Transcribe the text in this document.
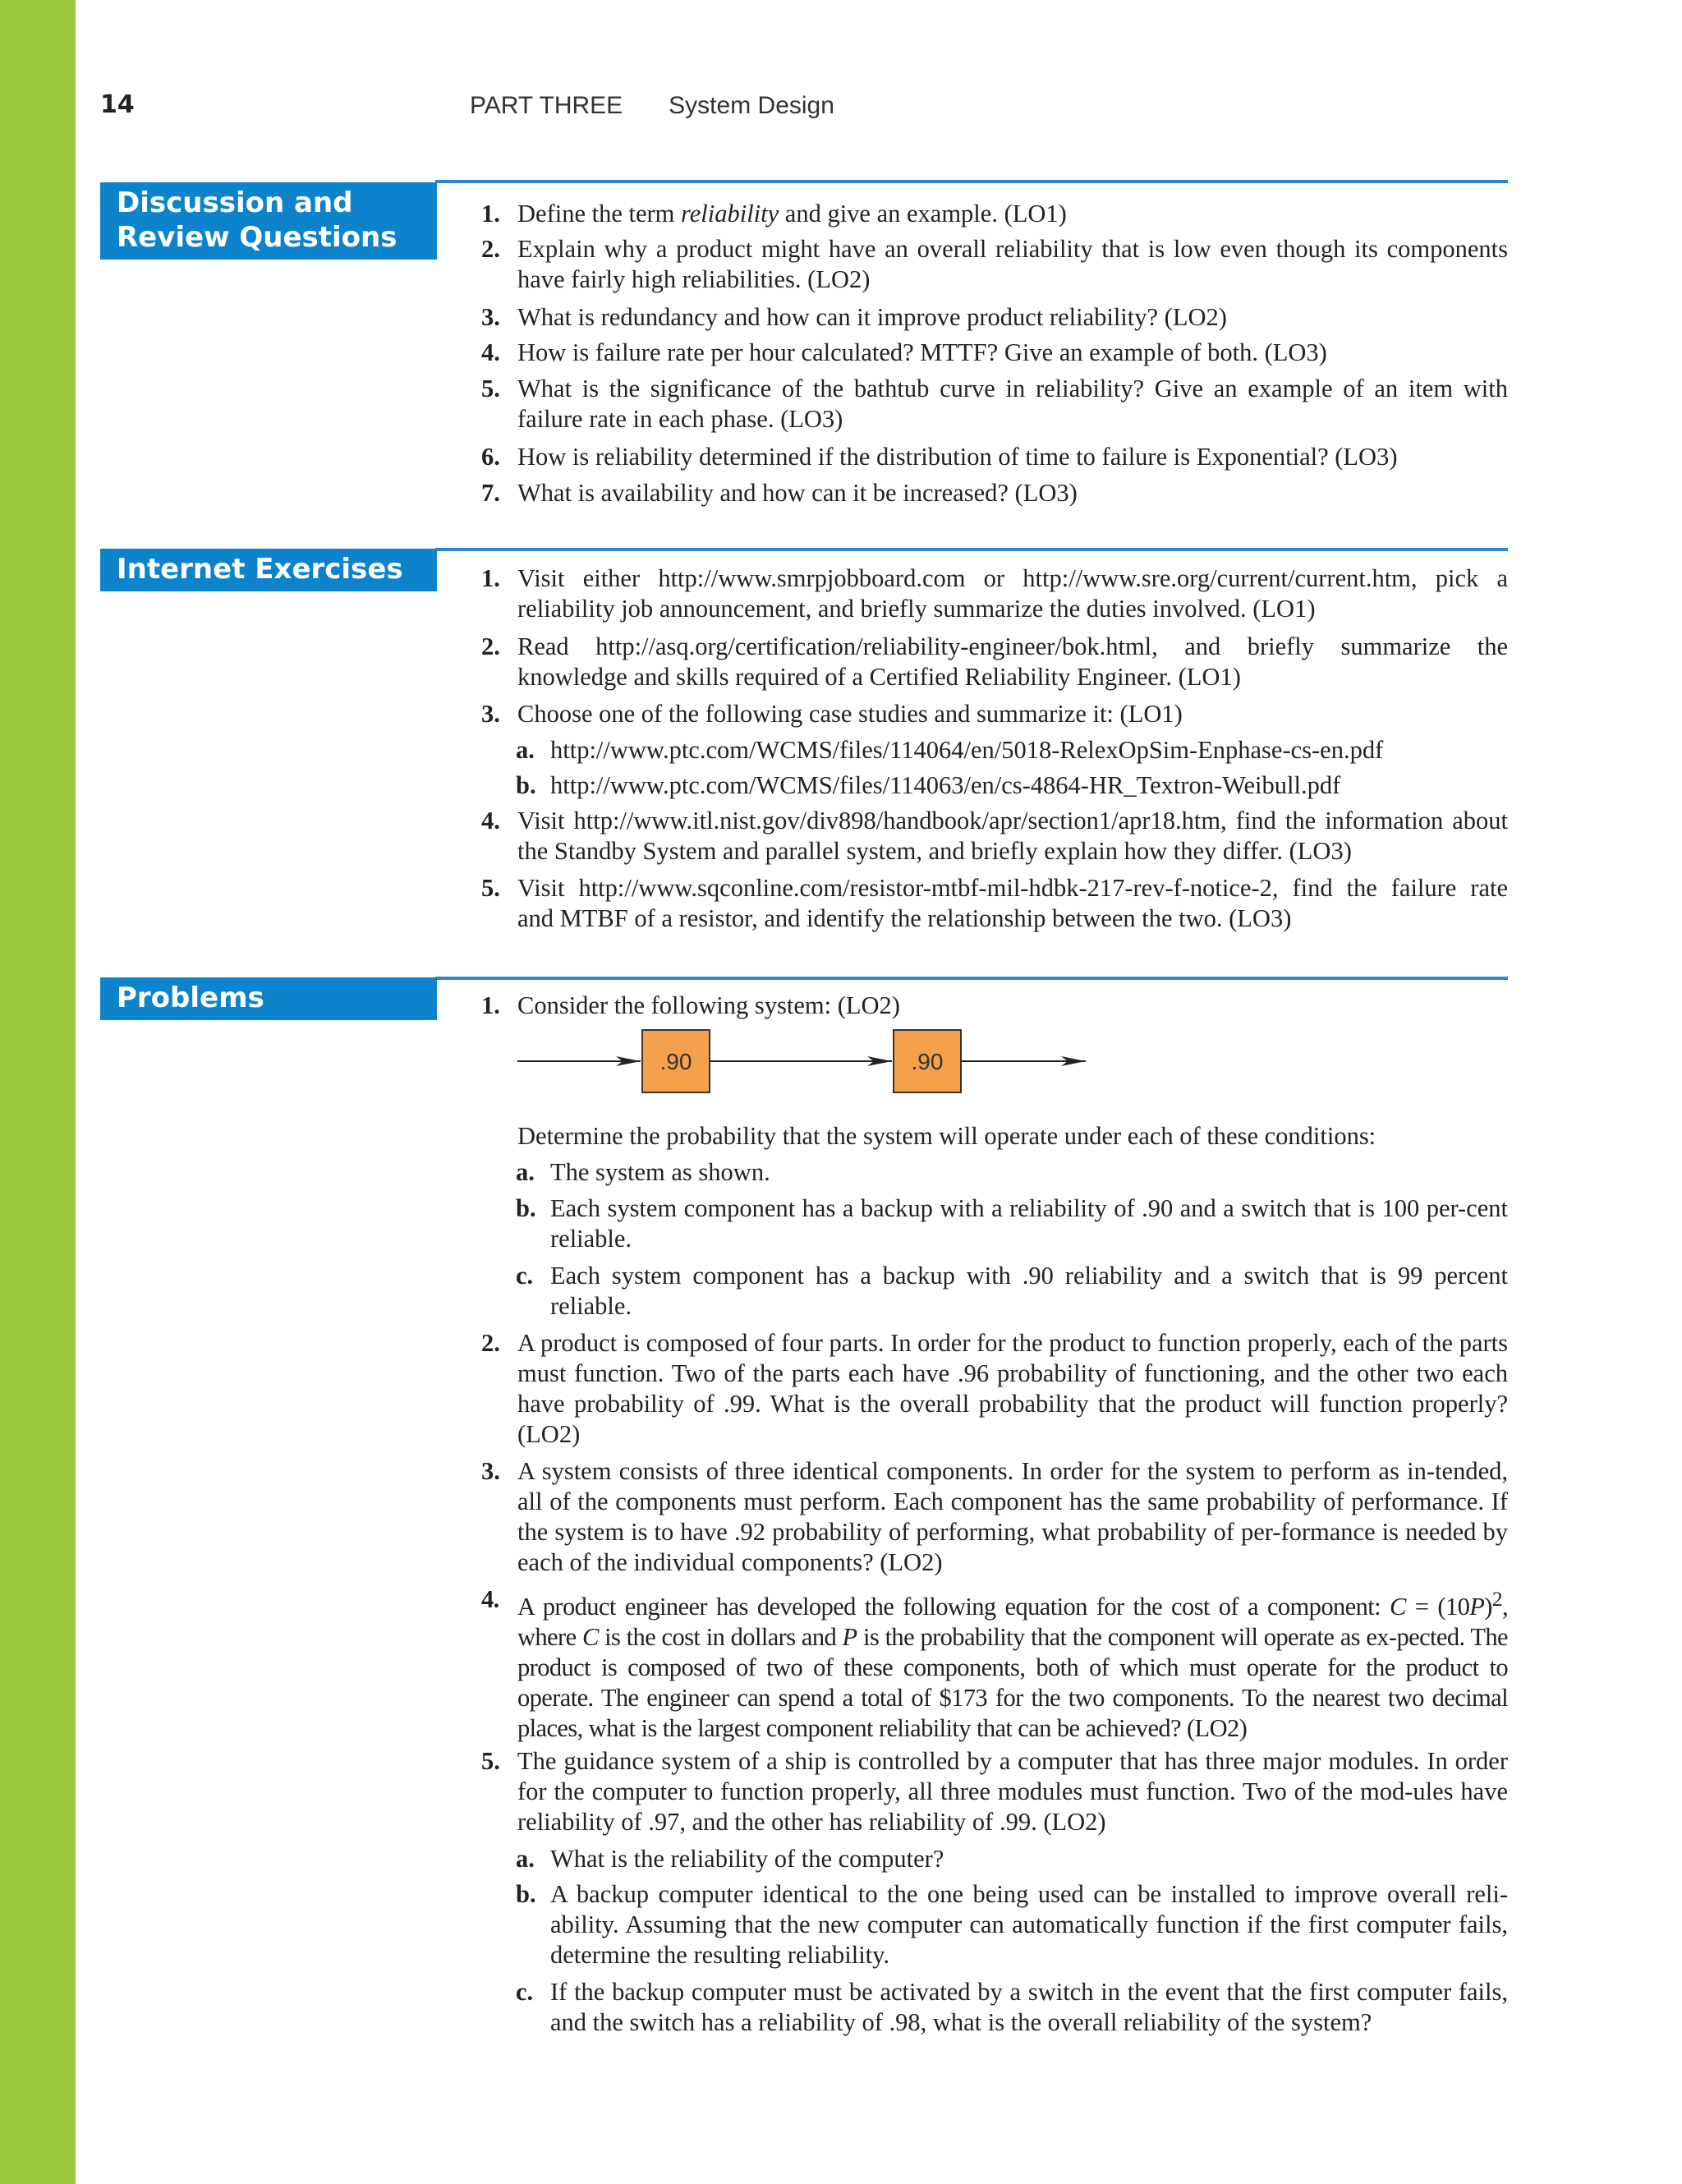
14	PART THREE System Design
Discussion and
Review Questions
1. Define the term reliability and give an example. (LO1)
2. Explain why a product might have an overall reliability that is low even though its components have fairly high reliabilities. (LO2)
3. What is redundancy and how can it improve product reliability? (LO2)
4. How is failure rate per hour calculated? MTTF? Give an example of both. (LO3)
5. What is the significance of the bathtub curve in reliability? Give an example of an item with failure rate in each phase. (LO3)
6. How is reliability determined if the distribution of time to failure is Exponential? (LO3)
7. What is availability and how can it be increased? (LO3)
Internet Exercises	1. Visit either http://www.smrpjobboard.com or http://www.sre.org/current/current.htm, pick a reliability job announcement, and briefly summarize the duties involved. (LO1)
2. Read http://asq.org/certification/reliability-engineer/bok.html, and briefly summarize the knowledge and skills required of a Certified Reliability Engineer. (LO1)
3. Choose one of the following case studies and summarize it: (LO1)
a. http://www.ptc.com/WCMS/files/114064/en/5018-RelexOpSim-Enphase-cs-en.pdf
b. http://www.ptc.com/WCMS/files/114063/en/cs-4864-HR_Textron-Weibull.pdf
4. Visit http://www.itl.nist.gov/div898/handbook/apr/section1/apr18.htm, find the information about the Standby System and parallel system, and briefly explain how they differ. (LO3)
5. Visit http://www.sqconline.com/resistor-mtbf-mil-hdbk-217-rev-f-notice-2, find the failure rate and MTBF of a resistor, and identify the relationship between the two. (LO3)
Problems	1. Consider the following system: (LO2)
.90	.90
Determine the probability that the system will operate under each of these conditions:
a. The system as shown.
b. Each system component has a backup with a reliability of .90 and a switch that is 100 per-cent reliable.
c. Each system component has a backup with .90 reliability and a switch that is 99 percent reliable.
2. A product is composed of four parts. In order for the product to function properly, each of the parts must function. Two of the parts each have .96 probability of functioning, and the other two each have probability of .99. What is the overall probability that the product will function properly? (LO2)
3. A system consists of three identical components. In order for the system to perform as in-tended, all of the components must perform. Each component has the same probability of performance. If the system is to have .92 probability of performing, what probability of per-formance is needed by each of the individual components? (LO2)
4. A product engineer has developed the following equation for the cost of a component: $C = (10P)^2$, where C is the cost in dollars and P is the probability that the component will operate as ex-pected. The product is composed of two of these components, both of which must operate for the product to operate. The engineer can spend a total of $173 for the two components. To the nearest two decimal places, what is the largest component reliability that can be achieved? (LO2)
5. The guidance system of a ship is controlled by a computer that has three major modules. In order for the computer to function properly, all three modules must function. Two of the mod-ules have reliability of .97, and the other has reliability of .99. (LO2)
a. What is the reliability of the computer?
b. A backup computer identical to the one being used can be installed to improve overall reli-ability. Assuming that the new computer can automatically function if the first computer fails, determine the resulting reliability.
c. If the backup computer must be activated by a switch in the event that the first computer fails, and the switch has a reliability of .98, what is the overall reliability of the system?
